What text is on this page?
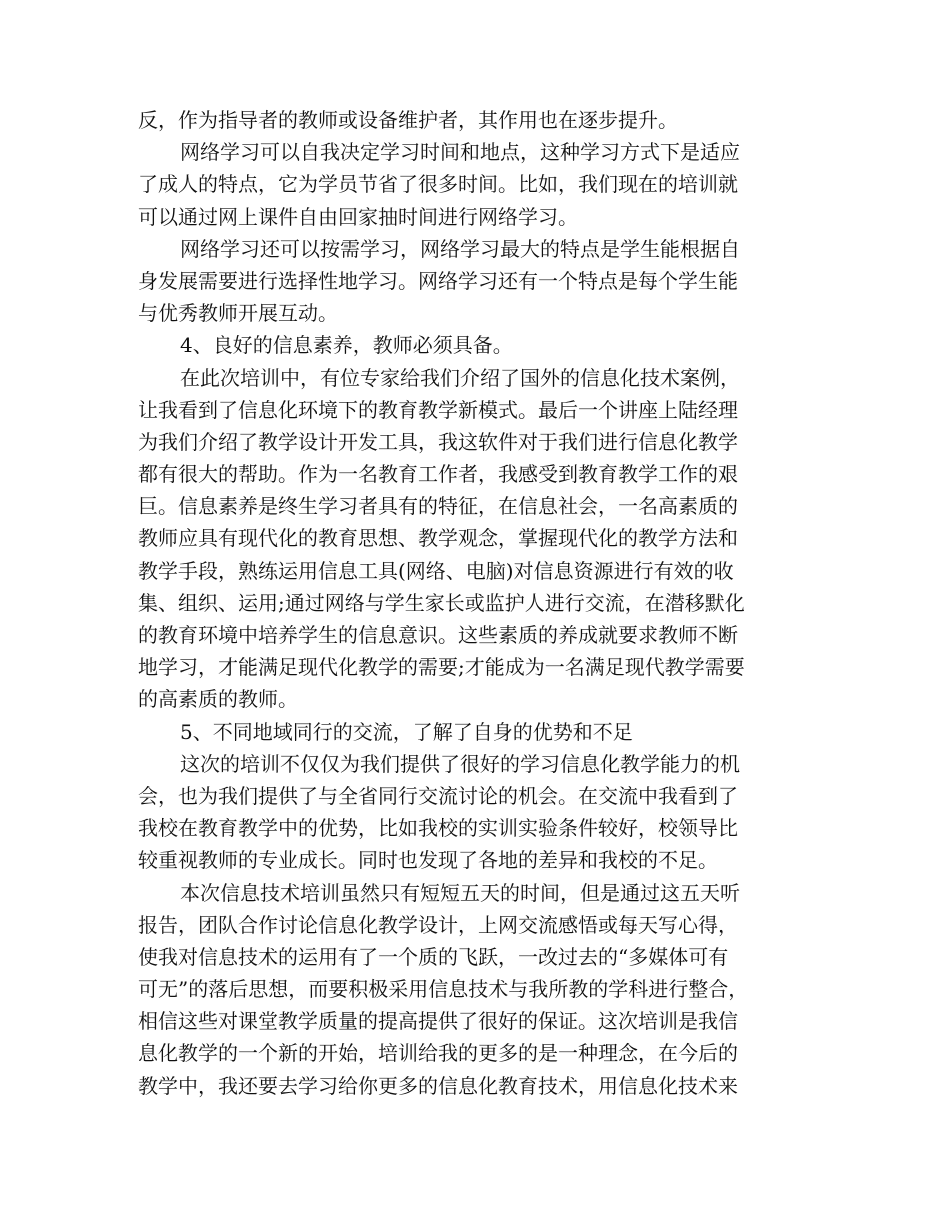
反，作为指导者的教师或设备维护者，其作用也在逐步提升。
网络学习可以自我决定学习时间和地点，这种学习方式下是适应
了成人的特点，它为学员节省了很多时间。比如，我们现在的培训就
可以通过网上课件自由回家抽时间进行网络学习。
网络学习还可以按需学习，网络学习最大的特点是学生能根据自
身发展需要进行选择性地学习。网络学习还有一个特点是每个学生能
与优秀教师开展互动。
4、良好的信息素养，教师必须具备。
在此次培训中，有位专家给我们介绍了国外的信息化技术案例，
让我看到了信息化环境下的教育教学新模式。最后一个讲座上陆经理
为我们介绍了教学设计开发工具，我这软件对于我们进行信息化教学
都有很大的帮助。作为一名教育工作者，我感受到教育教学工作的艰
巨。信息素养是终生学习者具有的特征，在信息社会，一名高素质的
教师应具有现代化的教育思想、教学观念，掌握现代化的教学方法和
教学手段，熟练运用信息工具(网络、电脑)对信息资源进行有效的收
集、组织、运用;通过网络与学生家长或监护人进行交流，在潜移默化
的教育环境中培养学生的信息意识。这些素质的养成就要求教师不断
地学习，才能满足现代化教学的需要;才能成为一名满足现代教学需要
的高素质的教师。
5、不同地域同行的交流，了解了自身的优势和不足
这次的培训不仅仅为我们提供了很好的学习信息化教学能力的机
会，也为我们提供了与全省同行交流讨论的机会。在交流中我看到了
我校在教育教学中的优势，比如我校的实训实验条件较好，校领导比
较重视教师的专业成长。同时也发现了各地的差异和我校的不足。
本次信息技术培训虽然只有短短五天的时间，但是通过这五天听
报告，团队合作讨论信息化教学设计，上网交流感悟或每天写心得，
使我对信息技术的运用有了一个质的飞跃，一改过去的“多媒体可有
可无”的落后思想，而要积极采用信息技术与我所教的学科进行整合，
相信这些对课堂教学质量的提高提供了很好的保证。这次培训是我信
息化教学的一个新的开始，培训给我的更多的是一种理念，在今后的
教学中，我还要去学习给你更多的信息化教育技术，用信息化技术来
